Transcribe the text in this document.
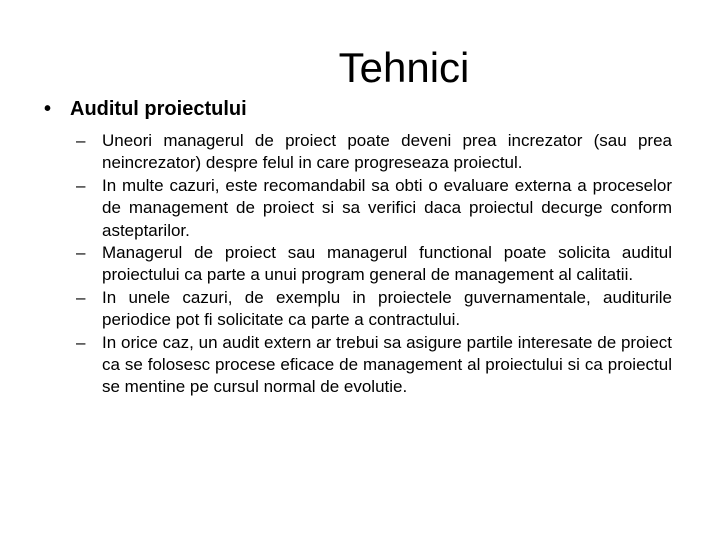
Tehnici
• Auditul proiectului
– Uneori managerul de proiect poate deveni prea increzator (sau prea neincrezator) despre felul in care progreseaza proiectul.
– In multe cazuri, este recomandabil sa obti o evaluare externa a proceselor de management de proiect si sa verifici daca proiectul decurge conform asteptarilor.
– Managerul de proiect sau managerul functional poate solicita auditul proiectului ca parte a unui program general de management al calitatii.
– In unele cazuri, de exemplu in proiectele guvernamentale, auditurile periodice pot fi solicitate ca parte a contractului.
– In orice caz, un audit extern ar trebui sa asigure partile interesate de proiect ca se folosesc procese eficace de management al proiectului si ca proiectul se mentine pe cursul normal de evolutie.
